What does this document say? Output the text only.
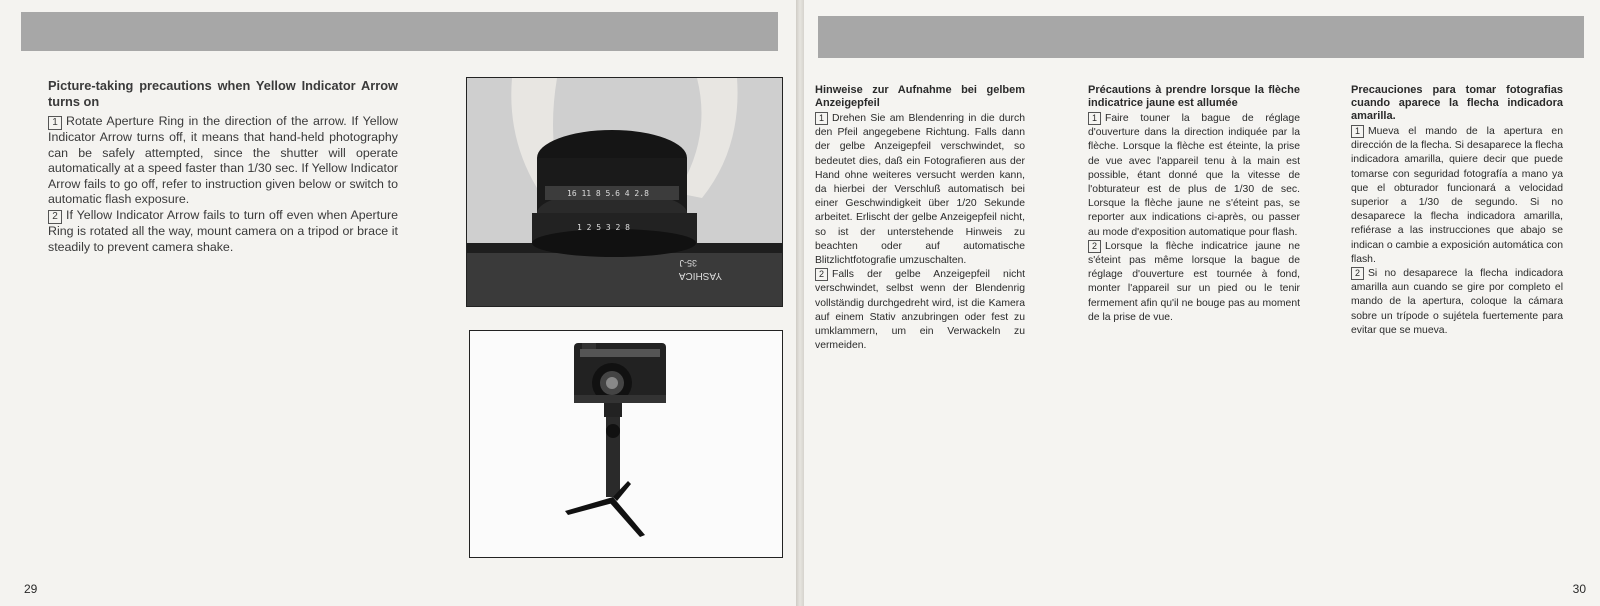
Picture-taking precautions when Yellow Indicator Arrow turns on

1 Rotate Aperture Ring in the direction of the arrow. If Yellow Indicator Arrow turns off, it means that hand-held photography can be safely attempted, since the shutter will operate automatically at a speed faster than 1/30 sec. If Yellow Indicator Arrow fails to go off, refer to instruction given below or switch to automatic flash exposure.

2 If Yellow Indicator Arrow fails to turn off even when Aperture Ring is rotated all the way, mount camera on a tripod or brace it steadily to prevent camera shake.

16 11 8 5.6 4 2.8
1 2 5 3 2 8
YASHICA
35-J
29
Hinweise zur Aufnahme bei gelbem Anzeigepfeil

1 Drehen Sie am Blendenring in die durch den Pfeil angegebene Richtung. Falls dann der gelbe Anzeigepfeil verschwindet, so bedeutet dies, daß ein Fotografieren aus der Hand ohne weiteres versucht werden kann, da hierbei der Verschluß automatisch bei einer Geschwindigkeit über 1/20 Sekunde arbeitet. Erlischt der gelbe Anzeigepfeil nicht, so ist der unterstehende Hinweis zu beachten oder auf automatische Blitzlichtfotografie umzuschalten.

2 Falls der gelbe Anzeigepfeil nicht verschwindet, selbst wenn der Blendenrig vollständig durchgedreht wird, ist die Kamera auf einem Stativ anzubringen oder fest zu umklammern, um ein Verwackeln zu vermeiden.

Précautions à prendre lorsque la flèche indicatrice jaune est allumée

1 Faire touner la bague de réglage d'ouverture dans la direction indiquée par la flèche. Lorsque la flèche est éteinte, la prise de vue avec l'appareil tenu à la main est possible, étant donné que la vitesse de l'obturateur est de plus de 1/30 de sec. Lorsque la flèche jaune ne s'éteint pas, se reporter aux indications ci-après, ou passer au mode d'exposition automatique pour flash.

2 Lorsque la flèche indicatrice jaune ne s'éteint pas même lorsque la bague de réglage d'ouverture est tournée à fond, monter l'appareil sur un pied ou le tenir fermement afin qu'il ne bouge pas au moment de la prise de vue.

Precauciones para tomar fotografias cuando aparece la flecha indicadora amarilla.

1 Mueva el mando de la apertura en dirección de la flecha. Si desaparece la flecha indicadora amarilla, quiere decir que puede tomarse con seguridad fotografía a mano ya que el obturador funcionará a velocidad superior a 1/30 de segundo. Si no desaparece la flecha indicadora amarilla, refiérase a las instrucciones que abajo se indican o cambie a exposición automática con flash.

2 Si no desaparece la flecha indicadora amarilla aun cuando se gire por completo el mando de la apertura, coloque la cámara sobre un trípode o sujétela fuertemente para evitar que se mueva.

30
